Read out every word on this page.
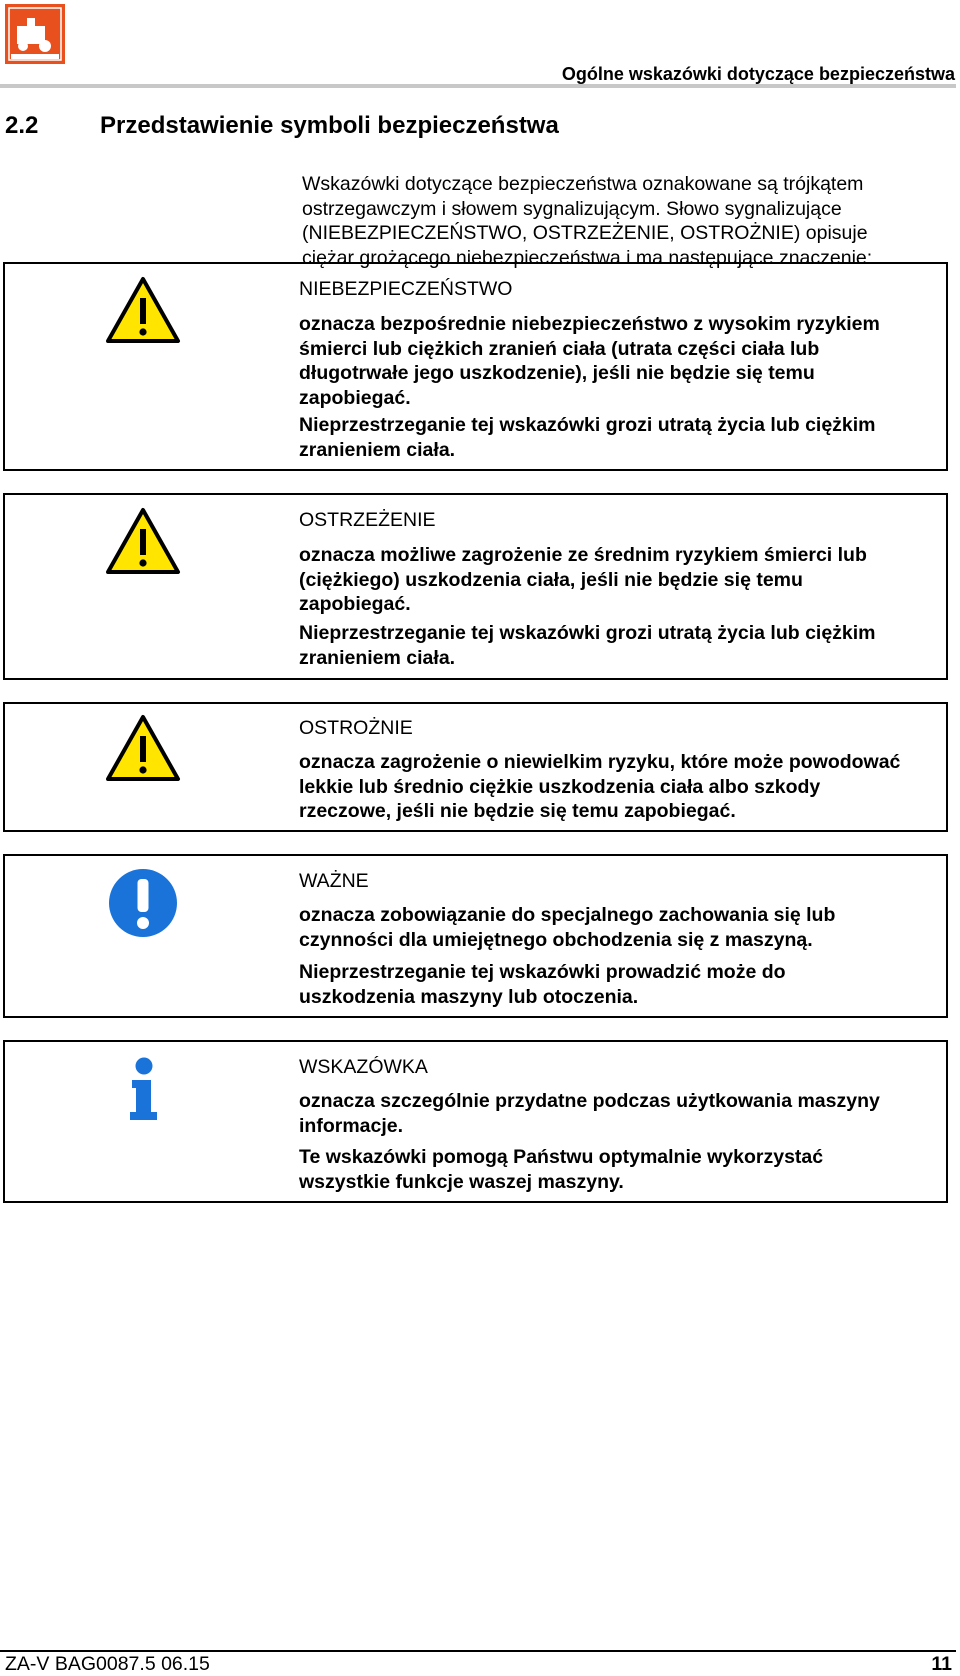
Ogólne wskazówki dotyczące bezpieczeństwa
2.2	Przedstawienie symboli bezpieczeństwa

Wskazówki dotyczące bezpieczeństwa oznakowane są trójkątem
ostrzegawczym i słowem sygnalizującym. Słowo sygnalizujące
(NIEBEZPIECZEŃSTWO, OSTRZEŻENIE, OSTROŻNIE) opisuje
ciężar grożącego niebezpieczeństwa i ma następujące znaczenie:

NIEBEZPIECZEŃSTWO
oznacza bezpośrednie niebezpieczeństwo z wysokim ryzykiem
śmierci lub ciężkich zranień ciała (utrata części ciała lub
długotrwałe jego uszkodzenie), jeśli nie będzie się temu
zapobiegać.
Nieprzestrzeganie tej wskazówki grozi utratą życia lub ciężkim
zranieniem ciała.
OSTRZEŻENIE
oznacza możliwe zagrożenie ze średnim ryzykiem śmierci lub
(ciężkiego) uszkodzenia ciała, jeśli nie będzie się temu
zapobiegać.
Nieprzestrzeganie tej wskazówki grozi utratą życia lub ciężkim
zranieniem ciała.
OSTROŻNIE
oznacza zagrożenie o niewielkim ryzyku, które może powodować
lekkie lub średnio ciężkie uszkodzenia ciała albo szkody
rzeczowe, jeśli nie będzie się temu zapobiegać.
WAŻNE
oznacza zobowiązanie do specjalnego zachowania się lub
czynności dla umiejętnego obchodzenia się z maszyną.
Nieprzestrzeganie tej wskazówki prowadzić może do
uszkodzenia maszyny lub otoczenia.
WSKAZÓWKA
oznacza szczególnie przydatne podczas użytkowania maszyny
informacje.
Te wskazówki pomogą Państwu optymalnie wykorzystać
wszystkie funkcje waszej maszyny.
ZA-V BAG0087.5 06.15	11
